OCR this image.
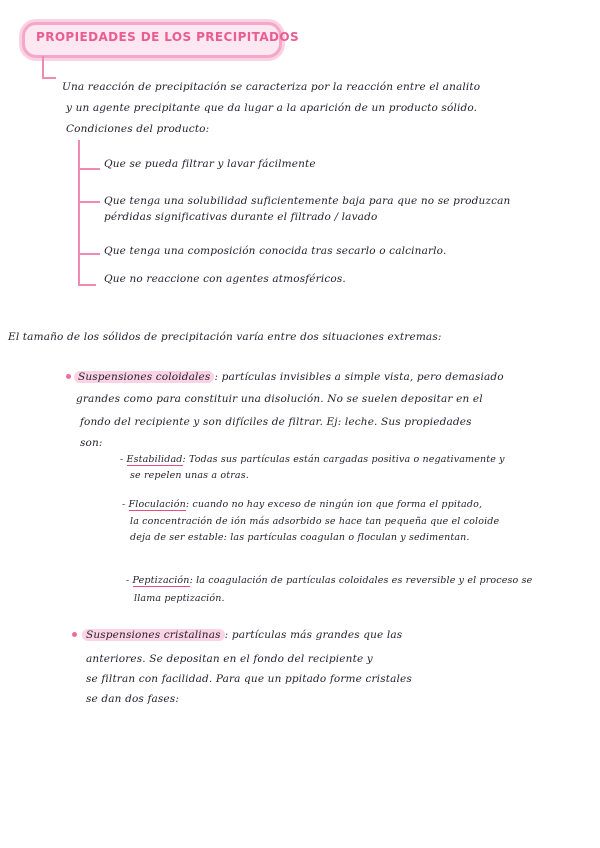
PROPIEDADES DE LOS PRECIPITADOS
Una reacción de precipitación se caracteriza por la reacción entre el analito
y un agente precipitante que da lugar a la aparición de un producto sólido.
Condiciones del producto:
Que se pueda filtrar y lavar fácilmente
Que tenga una solubilidad suficientemente baja para que no se produzcan
pérdidas significativas durante el filtrado / lavado
Que tenga una composición conocida tras secarlo o calcinarlo.
Que no reaccione con agentes atmosféricos.
El tamaño de los sólidos de precipitación varía entre dos situaciones extremas:
Suspensiones coloidales : partículas invisibles a simple vista, pero demasiado
grandes como para constituir una disolución. No se suelen depositar en el
fondo del recipiente y son difíciles de filtrar. Ej: leche. Sus propiedades
son:
- Estabilidad: Todas sus partículas están cargadas positiva o negativamente y
se repelen unas a otras.
- Floculación: cuando no hay exceso de ningún ion que forma el ppitado,
la concentración de ión más adsorbido se hace tan pequeña que el coloide
deja de ser estable: las partículas coagulan o floculan y sedimentan.
- Peptización: la coagulación de partículas coloidales es reversible y el proceso se
llama peptización.
Suspensiones cristalinas : partículas más grandes que las
anteriores. Se depositan en el fondo del recipiente y
se filtran con facilidad. Para que un ppitado forme cristales
se dan dos fases:
